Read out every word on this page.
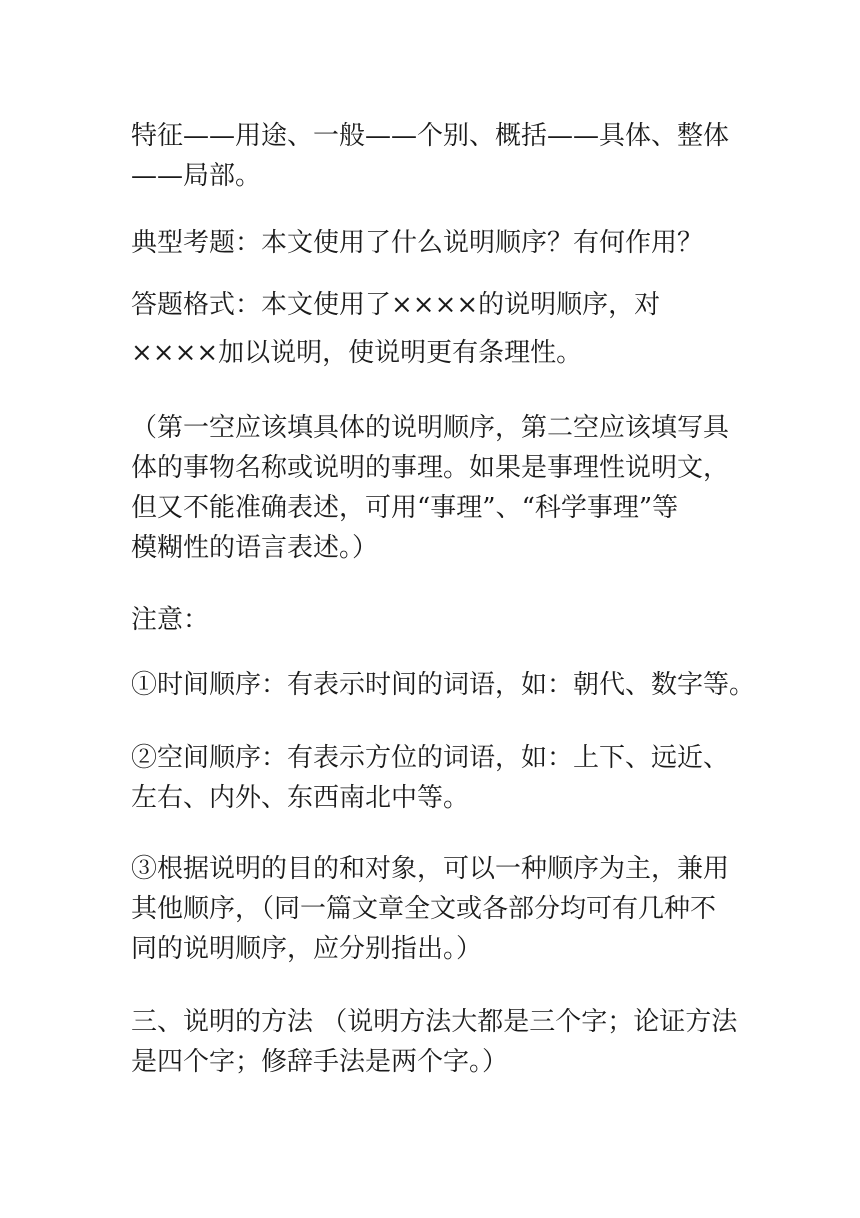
特征——用途、一般——个别、概括——具体、整体
——局部。

典型考题：本文使用了什么说明顺序？有何作用？

答题格式：本文使用了××××的说明顺序，对
××××加以说明，使说明更有条理性。

（第一空应该填具体的说明顺序，第二空应该填写具
体的事物名称或说明的事理。如果是事理性说明文，
但又不能准确表述，可用“事理”、“科学事理”等
模糊性的语言表述。）

注意：

①时间顺序：有表示时间的词语，如：朝代、数字等。

②空间顺序：有表示方位的词语，如：上下、远近、
左右、内外、东西南北中等。

③根据说明的目的和对象，可以一种顺序为主，兼用
其他顺序，（同一篇文章全文或各部分均可有几种不
同的说明顺序，应分别指出。）

三、说明的方法 （说明方法大都是三个字；论证方法
是四个字；修辞手法是两个字。）
